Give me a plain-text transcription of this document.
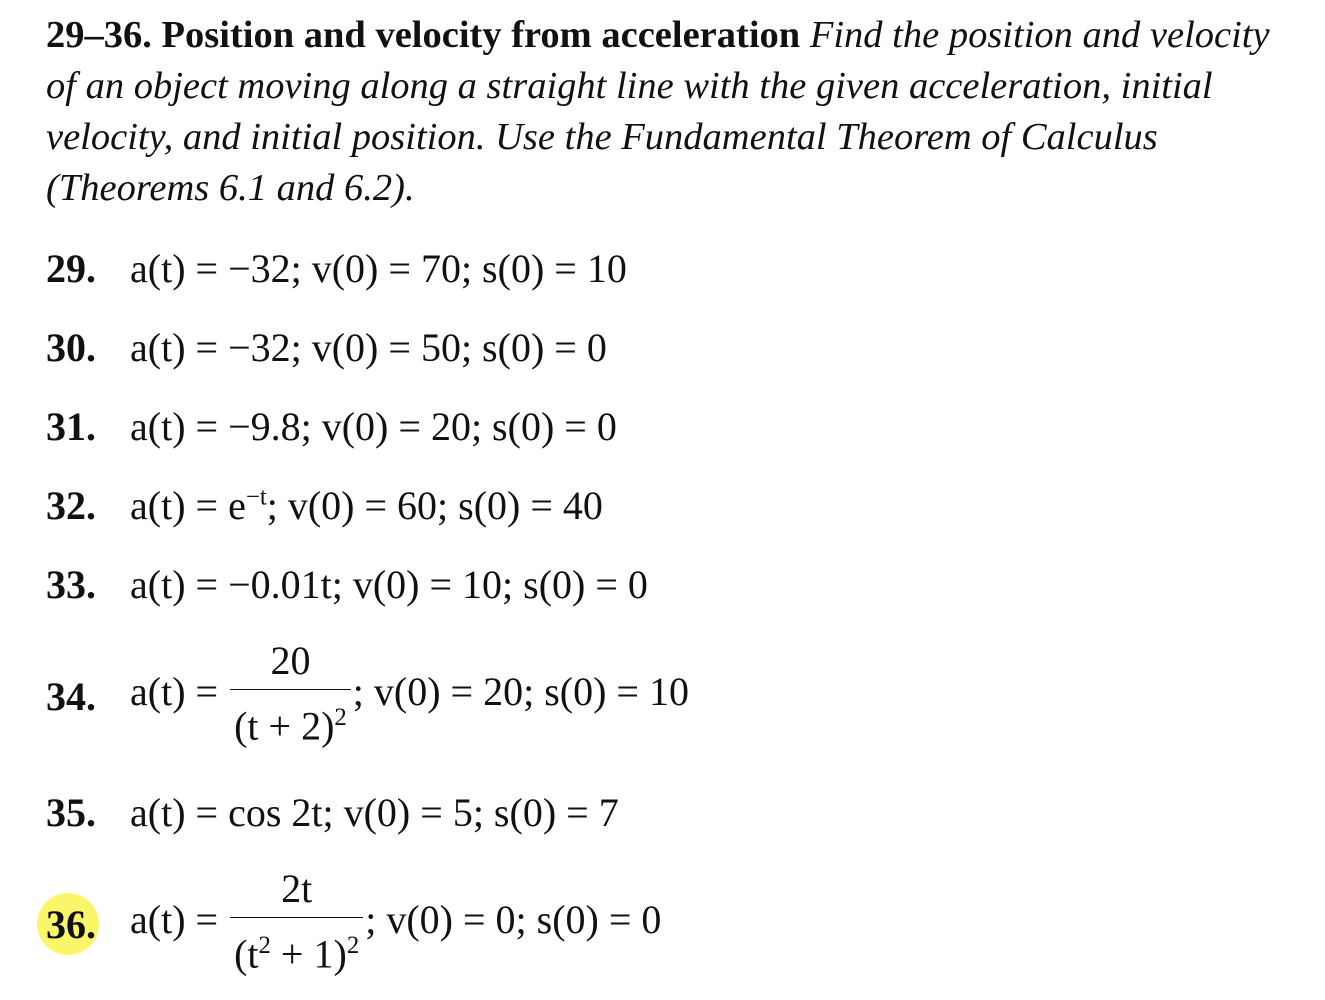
29–36. Position and velocity from acceleration Find the position and velocity of an object moving along a straight line with the given acceleration, initial velocity, and initial position. Use the Fundamental Theorem of Calculus (Theorems 6.1 and 6.2).
29. a(t) = −32; v(0) = 70; s(0) = 10
30. a(t) = −32; v(0) = 50; s(0) = 0
31. a(t) = −9.8; v(0) = 20; s(0) = 0
32. $a(t) = e^{-t}$; v(0) = 60; s(0) = 40
33. a(t) = −0.01t; v(0) = 10; s(0) = 0
34. $a(t) = \frac{20}{(t + 2)^2}$ ; v(0) = 20; s(0) = 10
35. a(t) = cos 2t; v(0) = 5; s(0) = 7
36. $a(t) = \frac{2t}{(t^2 + 1)^2}$ ; v(0) = 0; s(0) = 0
